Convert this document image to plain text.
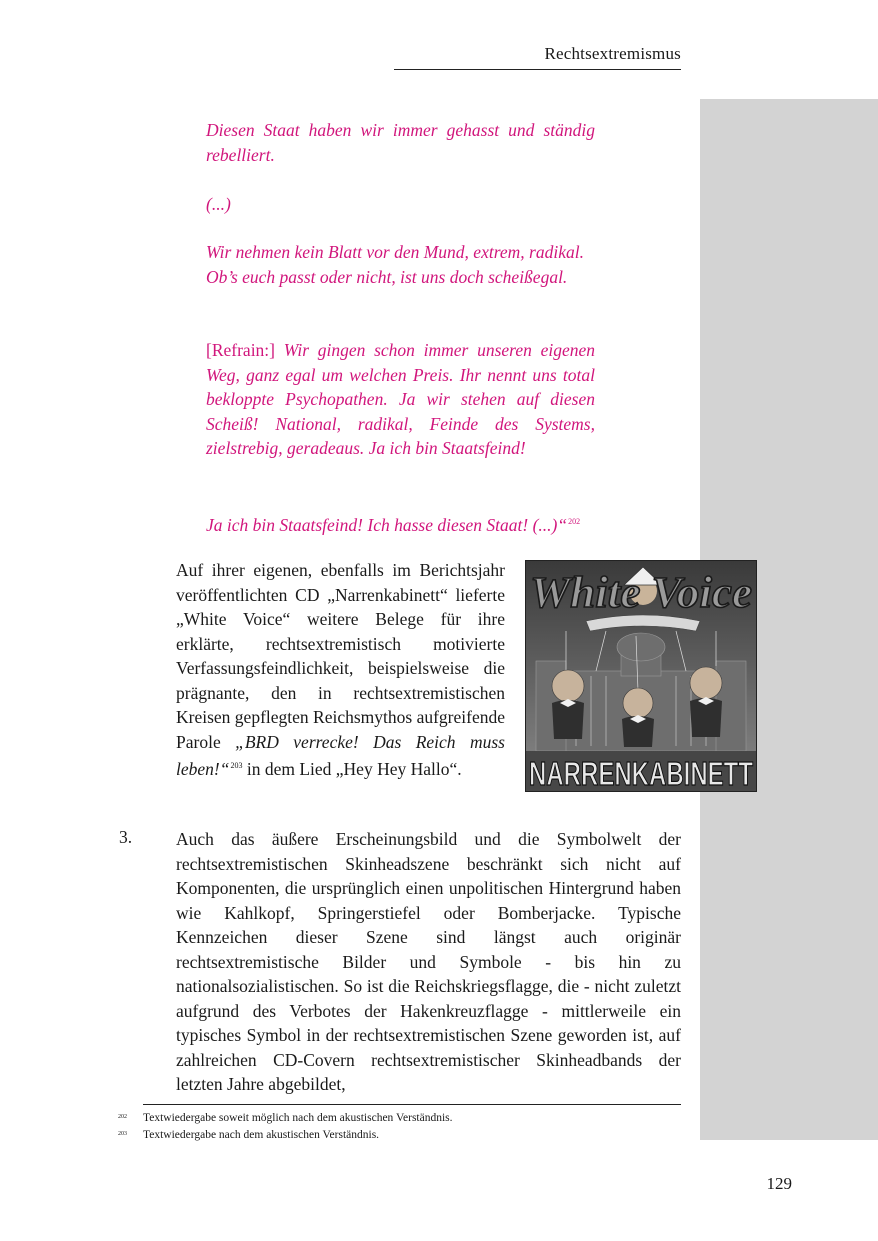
Rechtsextremismus
Diesen Staat haben wir immer gehasst und ständig rebelliert.
(...)
Wir nehmen kein Blatt vor den Mund, extrem, radikal.
Ob’s euch passt oder nicht, ist uns doch scheißegal.
[Refrain:] Wir gingen schon immer unseren eigenen Weg, ganz egal um welchen Preis. Ihr nennt uns total bekloppte Psychopathen. Ja wir stehen auf diesen Scheiß! National, radikal, Feinde des Systems, zielstrebig, geradeaus. Ja ich bin Staatsfeind!
Ja ich bin Staatsfeind! Ich hasse diesen Staat! (...)“$^{202}$
Auf ihrer eigenen, ebenfalls im Berichtsjahr veröffentlichten CD „Narrenkabinett“ lieferte „White Voice“ weitere Belege für ihre erklärte, rechtsextremistisch motivierte Verfassungsfeindlichkeit, beispielsweise die prägnante, den in rechtsextremistischen Kreisen gepflegten Reichsmythos aufgreifende Parole „BRD verrecke! Das Reich muss leben!“$^{203}$ in dem Lied „Hey Hey Hallo“.
White Voice
NARRENKABINETT
3.	Auch das äußere Erscheinungsbild und die Symbolwelt der rechtsextremistischen Skinheadszene beschränkt sich nicht auf Komponenten, die ursprünglich einen unpolitischen Hintergrund haben wie Kahlkopf, Springerstiefel oder Bomberjacke. Typische Kennzeichen dieser Szene sind längst auch originär rechtsextremistische Bilder und Symbole - bis hin zu nationalsozialistischen. So ist die Reichskriegsflagge, die - nicht zuletzt aufgrund des Verbotes der Hakenkreuzflagge - mittlerweile ein typisches Symbol in der rechtsextremistischen Szene geworden ist, auf zahlreichen CD-Covern rechtsextremistischer Skinheadbands der letzten Jahre abgebildet,
202 Textwiedergabe soweit möglich nach dem akustischen Verständnis.
203 Textwiedergabe nach dem akustischen Verständnis.
129
